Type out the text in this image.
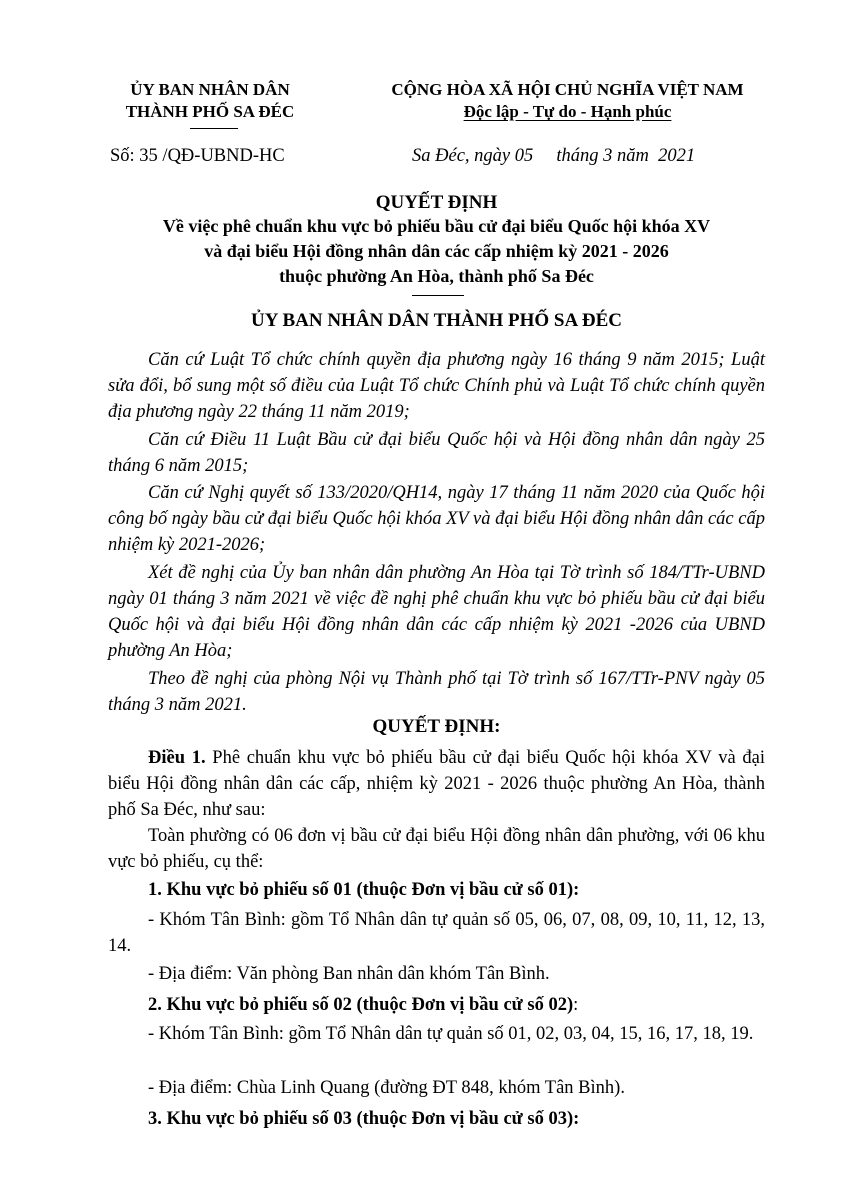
ỦY BAN NHÂN DÂN
THÀNH PHỐ SA ĐÉC
CỘNG HÒA XÃ HỘI CHỦ NGHĨA VIỆT NAM
Độc lập - Tự do - Hạnh phúc
Số: 35 /QĐ-UBND-HC	Sa Đéc, ngày 05     tháng 3 năm  2021
QUYẾT ĐỊNH
Về việc phê chuẩn khu vực bỏ phiếu bầu cử đại biểu Quốc hội khóa XV
và đại biểu Hội đồng nhân dân các cấp nhiệm kỳ 2021 - 2026
thuộc phường An Hòa, thành phố Sa Đéc
ỦY BAN NHÂN DÂN THÀNH PHỐ SA ĐÉC
Căn cứ Luật Tổ chức chính quyền địa phương ngày 16 tháng 9 năm 2015; Luật sửa đổi, bổ sung một số điều của Luật Tổ chức Chính phủ và Luật Tổ chức chính quyền địa phương ngày 22 tháng 11 năm 2019;
Căn cứ Điều 11 Luật Bầu cử đại biểu Quốc hội và Hội đồng nhân dân ngày 25 tháng 6 năm 2015;
Căn cứ Nghị quyết số 133/2020/QH14, ngày 17 tháng 11 năm 2020 của Quốc hội công bố ngày bầu cử đại biểu Quốc hội khóa XV và đại biểu Hội đồng nhân dân các cấp nhiệm kỳ 2021-2026;
Xét đề nghị của Ủy ban nhân dân phường An Hòa tại Tờ trình số 184/TTr-UBND ngày 01 tháng 3 năm 2021 về việc đề nghị phê chuẩn khu vực bỏ phiếu bầu cử đại biểu Quốc hội và đại biểu Hội đồng nhân dân các cấp nhiệm kỳ 2021 -2026 của UBND phường An Hòa;
Theo đề nghị của phòng Nội vụ Thành phố tại Tờ trình số 167/TTr-PNV ngày 05 tháng 3 năm 2021.
QUYẾT ĐỊNH:
Điều 1. Phê chuẩn khu vực bỏ phiếu bầu cử đại biểu Quốc hội khóa XV và đại biểu Hội đồng nhân dân các cấp, nhiệm kỳ 2021 - 2026 thuộc phường An Hòa, thành phố Sa Đéc, như sau:
Toàn phường có 06 đơn vị bầu cử đại biểu Hội đồng nhân dân phường, với 06 khu vực bỏ phiếu, cụ thể:
1. Khu vực bỏ phiếu số 01 (thuộc Đơn vị bầu cử số 01):
- Khóm Tân Bình: gồm Tổ Nhân dân tự quản số 05, 06, 07, 08, 09, 10, 11, 12, 13, 14.
- Địa điểm: Văn phòng Ban nhân dân khóm Tân Bình.
2. Khu vực bỏ phiếu số 02 (thuộc Đơn vị bầu cử số 02):
- Khóm Tân Bình: gồm Tổ Nhân dân tự quản số 01, 02, 03, 04, 15, 16, 17, 18, 19.
- Địa điểm: Chùa Linh Quang (đường ĐT 848, khóm Tân Bình).
3. Khu vực bỏ phiếu số 03 (thuộc Đơn vị bầu cử số 03):
